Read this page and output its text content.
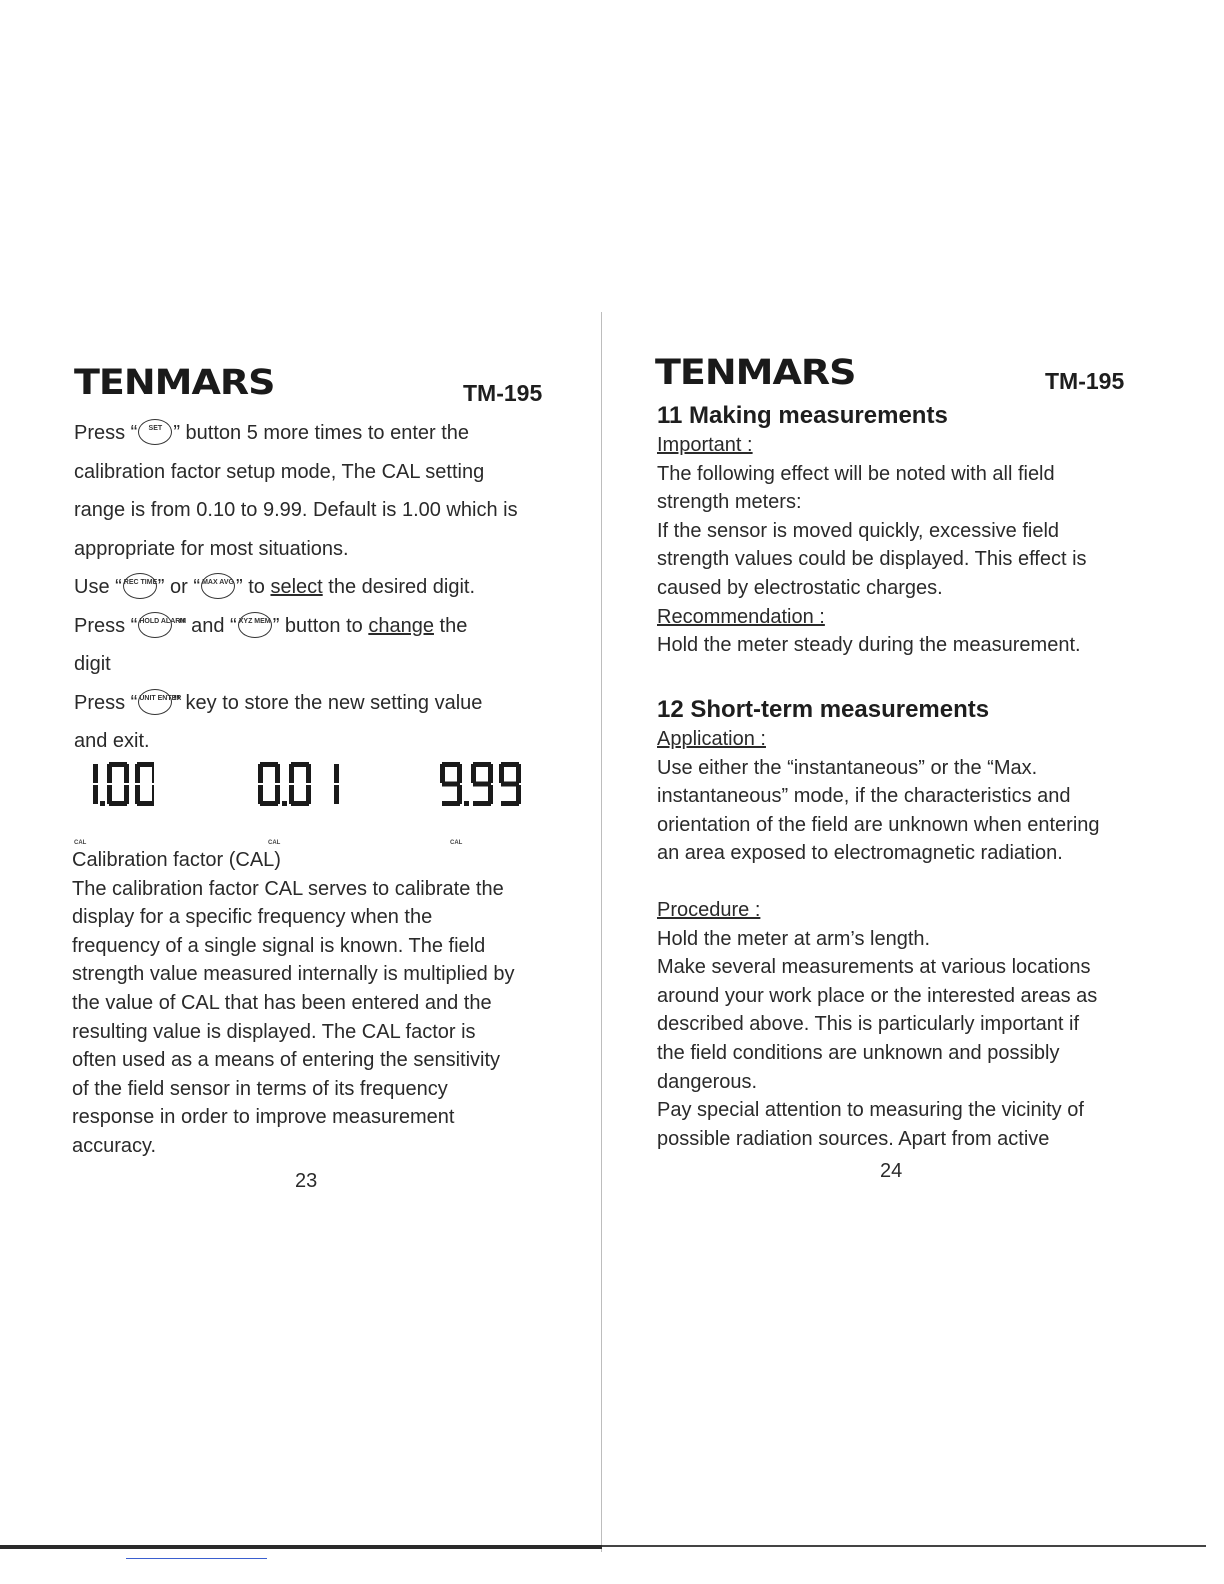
TENMARS	TM-195
Press “	SET ” button 5 more times to enter the
calibration factor setup mode, The CAL setting
range is from 0.10 to 9.99. Default is 1.00 which is
appropriate for most situations.
Use “ REC TIME ” or “ MAX AVG ” to select the desired digit.
Press “ HOLD ALARM
“ and “ XYZ MEM ” button to change the
digit
Press “ UNIT ENTER
” key to store the new setting value
and exit.
CAL	CAL	CAL
Calibration factor (CAL)
The calibration factor CAL serves to calibrate the
display for a specific frequency when the
frequency of a single signal is known. The field
strength value measured internally is multiplied by
the value of CAL that has been entered and the
resulting value is displayed. The CAL factor is
often used as a means of entering the sensitivity
of the field sensor in terms of its frequency
response in order to improve measurement
accuracy.
23
TENMARS	TM-195
11 Making measurements
Important :
The following effect will be noted with all field
strength meters:
If the sensor is moved quickly, excessive field
strength values could be displayed. This effect is
caused by electrostatic charges.
Recommendation :
Hold the meter steady during the measurement.
12 Short-term measurements
Application :
Use either the “instantaneous” or the “Max.
instantaneous” mode, if the characteristics and
orientation of the field are unknown when entering
an area exposed to electromagnetic radiation.
Procedure :
Hold the meter at arm’s length.
Make several measurements at various locations
around your work place or the interested areas as
described above. This is particularly important if
the field conditions are unknown and possibly
dangerous.
Pay special attention to measuring the vicinity of
possible radiation sources. Apart from active
24
